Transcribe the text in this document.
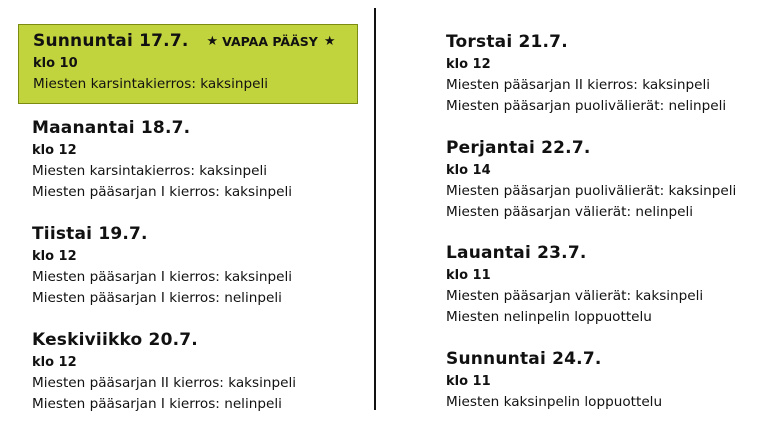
Sunnuntai 17.7. ★ VAPAA PÄÄSY ★
klo 10
Miesten karsintakierros: kaksinpeli
Maanantai 18.7.
klo 12
Miesten karsintakierros: kaksinpeli
Miesten pääsarjan I kierros: kaksinpeli
Tiistai 19.7.
klo 12
Miesten pääsarjan I kierros: kaksinpeli
Miesten pääsarjan I kierros: nelinpeli
Keskiviikko 20.7.
klo 12
Miesten pääsarjan II kierros: kaksinpeli
Miesten pääsarjan I kierros: nelinpeli
Torstai 21.7.
klo 12
Miesten pääsarjan II kierros: kaksinpeli
Miesten pääsarjan puolivälierät: nelinpeli
Perjantai 22.7.
klo 14
Miesten pääsarjan puolivälierät: kaksinpeli
Miesten pääsarjan välierät: nelinpeli
Lauantai 23.7.
klo 11
Miesten pääsarjan välierät: kaksinpeli
Miesten nelinpelin loppuottelu
Sunnuntai 24.7.
klo 11
Miesten kaksinpelin loppuottelu
